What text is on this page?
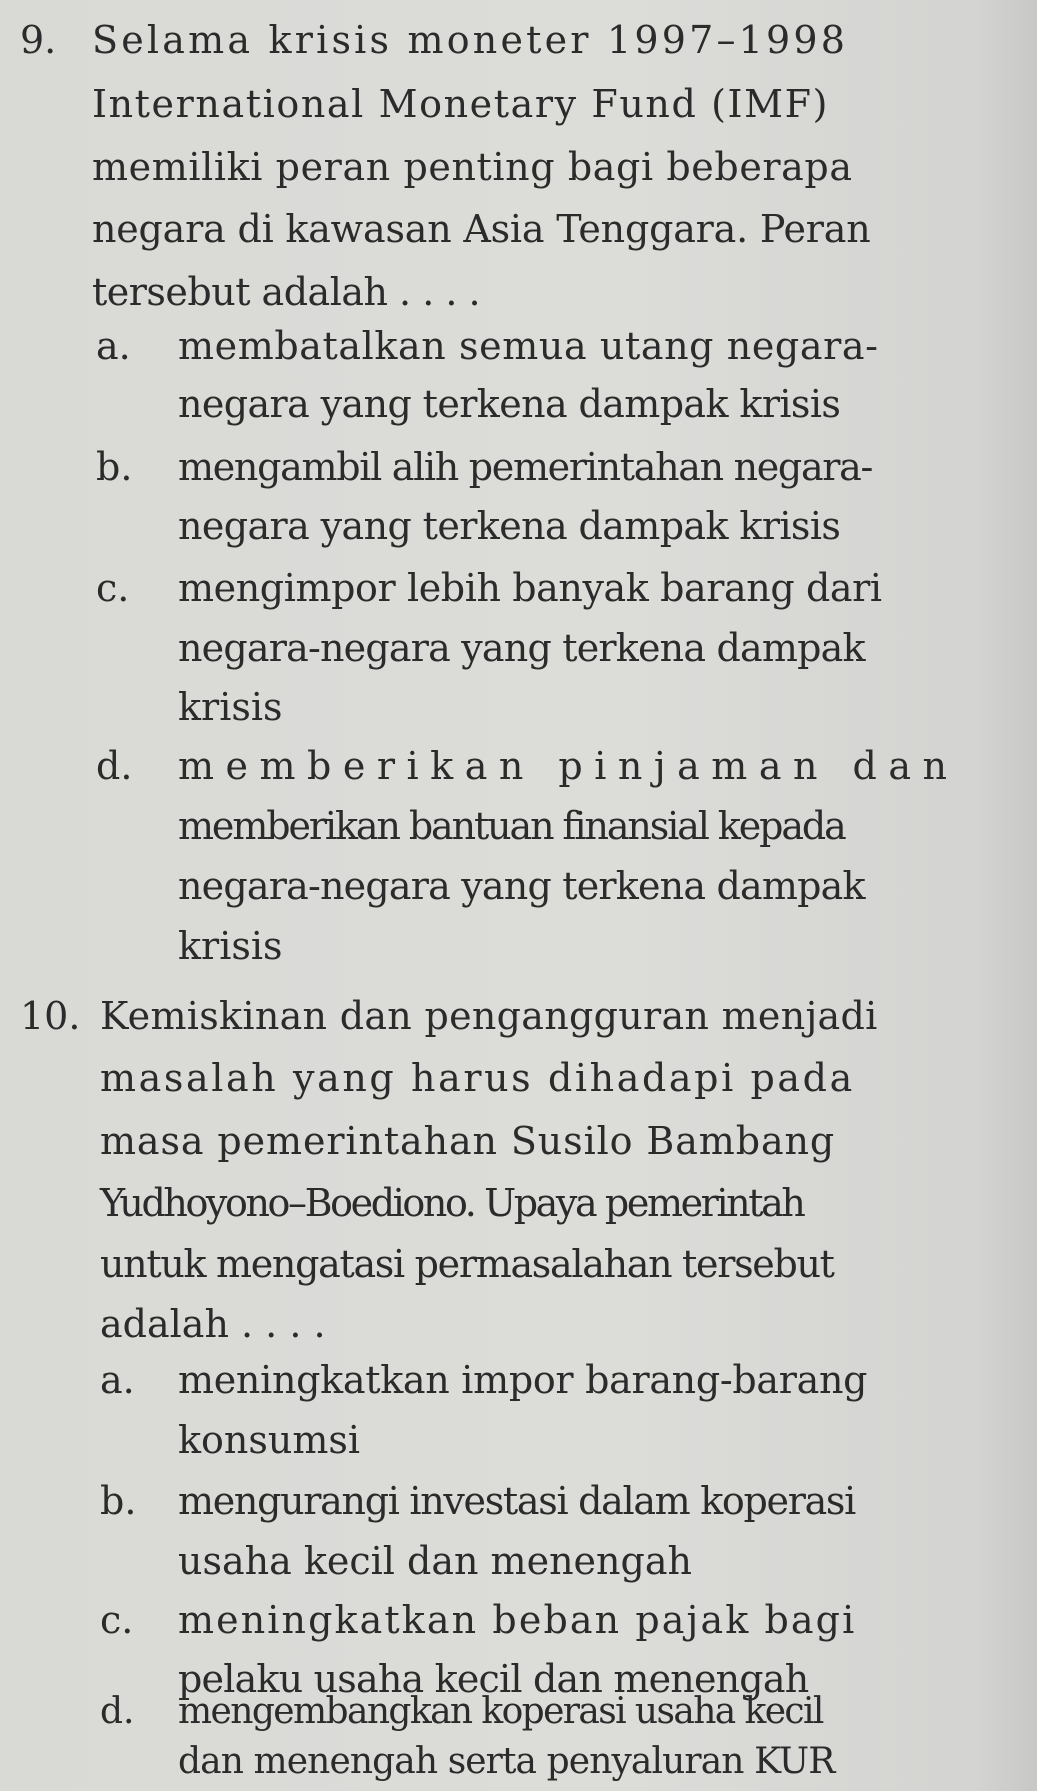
9. Selama krisis moneter 1997–1998
International Monetary Fund (IMF)
memiliki peran penting bagi beberapa
negara di kawasan Asia Tenggara. Peran
tersebut adalah . . . .
a. membatalkan semua utang negara-
negara yang terkena dampak krisis
b. mengambil alih pemerintahan negara-
negara yang terkena dampak krisis
c. mengimpor lebih banyak barang dari
negara-negara yang terkena dampak
krisis
d. memberikan pinjaman dan
memberikan bantuan finansial kepada
negara-negara yang terkena dampak
krisis
10. Kemiskinan dan pengangguran menjadi
masalah yang harus dihadapi pada
masa pemerintahan Susilo Bambang
Yudhoyono–Boediono. Upaya pemerintah
untuk mengatasi permasalahan tersebut
adalah . . . .
a. meningkatkan impor barang-barang
konsumsi
b. mengurangi investasi dalam koperasi
usaha kecil dan menengah
c. meningkatkan beban pajak bagi
pelaku usaha kecil dan menengah
d. mengembangkan koperasi usaha kecil
dan menengah serta penyaluran KUR
